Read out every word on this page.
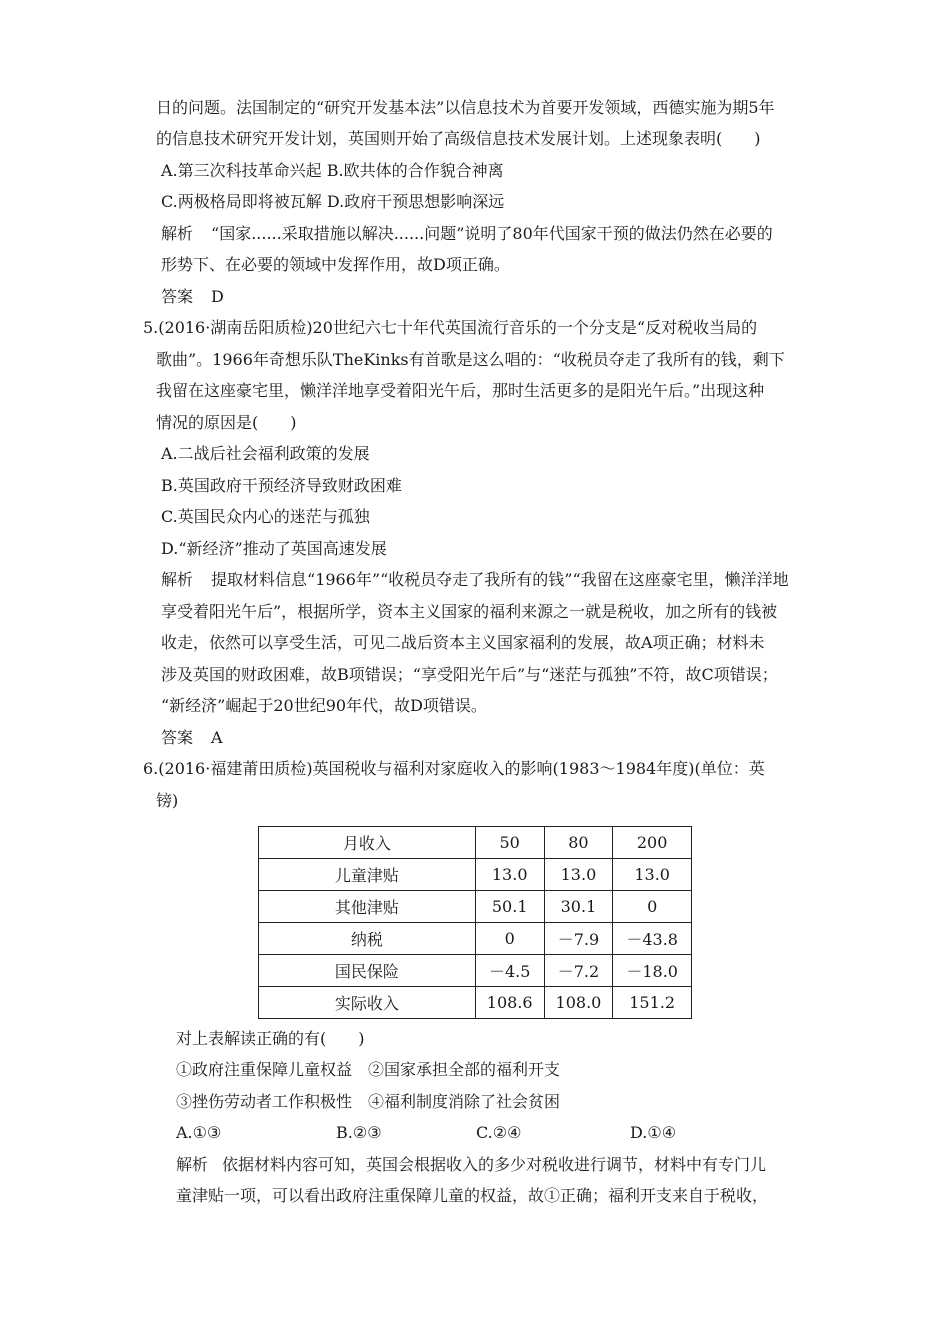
日的问题。法国制定的“研究开发基本法”以信息技术为首要开发领域，西德实施为期5年
的信息技术研究开发计划，英国则开始了高级信息技术发展计划。上述现象表明(　　)
A.第三次科技革命兴起 B.欧共体的合作貌合神离
C.两极格局即将被瓦解 D.政府干预思想影响深远
解析 “国家......采取措施以解决......问题”说明了80年代国家干预的做法仍然在必要的
形势下、在必要的领域中发挥作用，故D项正确。
答案 D
5.(2016·湖南岳阳质检)20世纪六七十年代英国流行音乐的一个分支是“反对税收当局的
歌曲”。1966年奇想乐队TheKinks有首歌是这么唱的：“收税员夺走了我所有的钱，剩下
我留在这座豪宅里，懒洋洋地享受着阳光午后，那时生活更多的是阳光午后。”出现这种
情况的原因是(　　)
A.二战后社会福利政策的发展
B.英国政府干预经济导致财政困难
C.英国民众内心的迷茫与孤独
D.“新经济”推动了英国高速发展
解析 提取材料信息“1966年”“收税员夺走了我所有的钱”“我留在这座豪宅里，懒洋洋地
享受着阳光午后”，根据所学，资本主义国家的福利来源之一就是税收，加之所有的钱被
收走，依然可以享受生活，可见二战后资本主义国家福利的发展，故A项正确；材料未
涉及英国的财政困难，故B项错误；“享受阳光午后”与“迷茫与孤独”不符，故C项错误；
“新经济”崛起于20世纪90年代，故D项错误。
答案 A
6.(2016·福建莆田质检)英国税收与福利对家庭收入的影响(1983～1984年度)(单位：英
镑)
月收入	50	80	200
儿童津贴	13.0	13.0	13.0
其他津贴	50.1	30.1	0
纳税	0	－7.9	－43.8
国民保险	－4.5	－7.2	－18.0
实际收入	108.6	108.0	151.2
对上表解读正确的有(　　)
①政府注重保障儿童权益　②国家承担全部的福利开支
③挫伤劳动者工作积极性　④福利制度消除了社会贫困
A.①③	B.②③	C.②④	D.①④
解析 依据材料内容可知，英国会根据收入的多少对税收进行调节，材料中有专门儿
童津贴一项，可以看出政府注重保障儿童的权益，故①正确；福利开支来自于税收，
